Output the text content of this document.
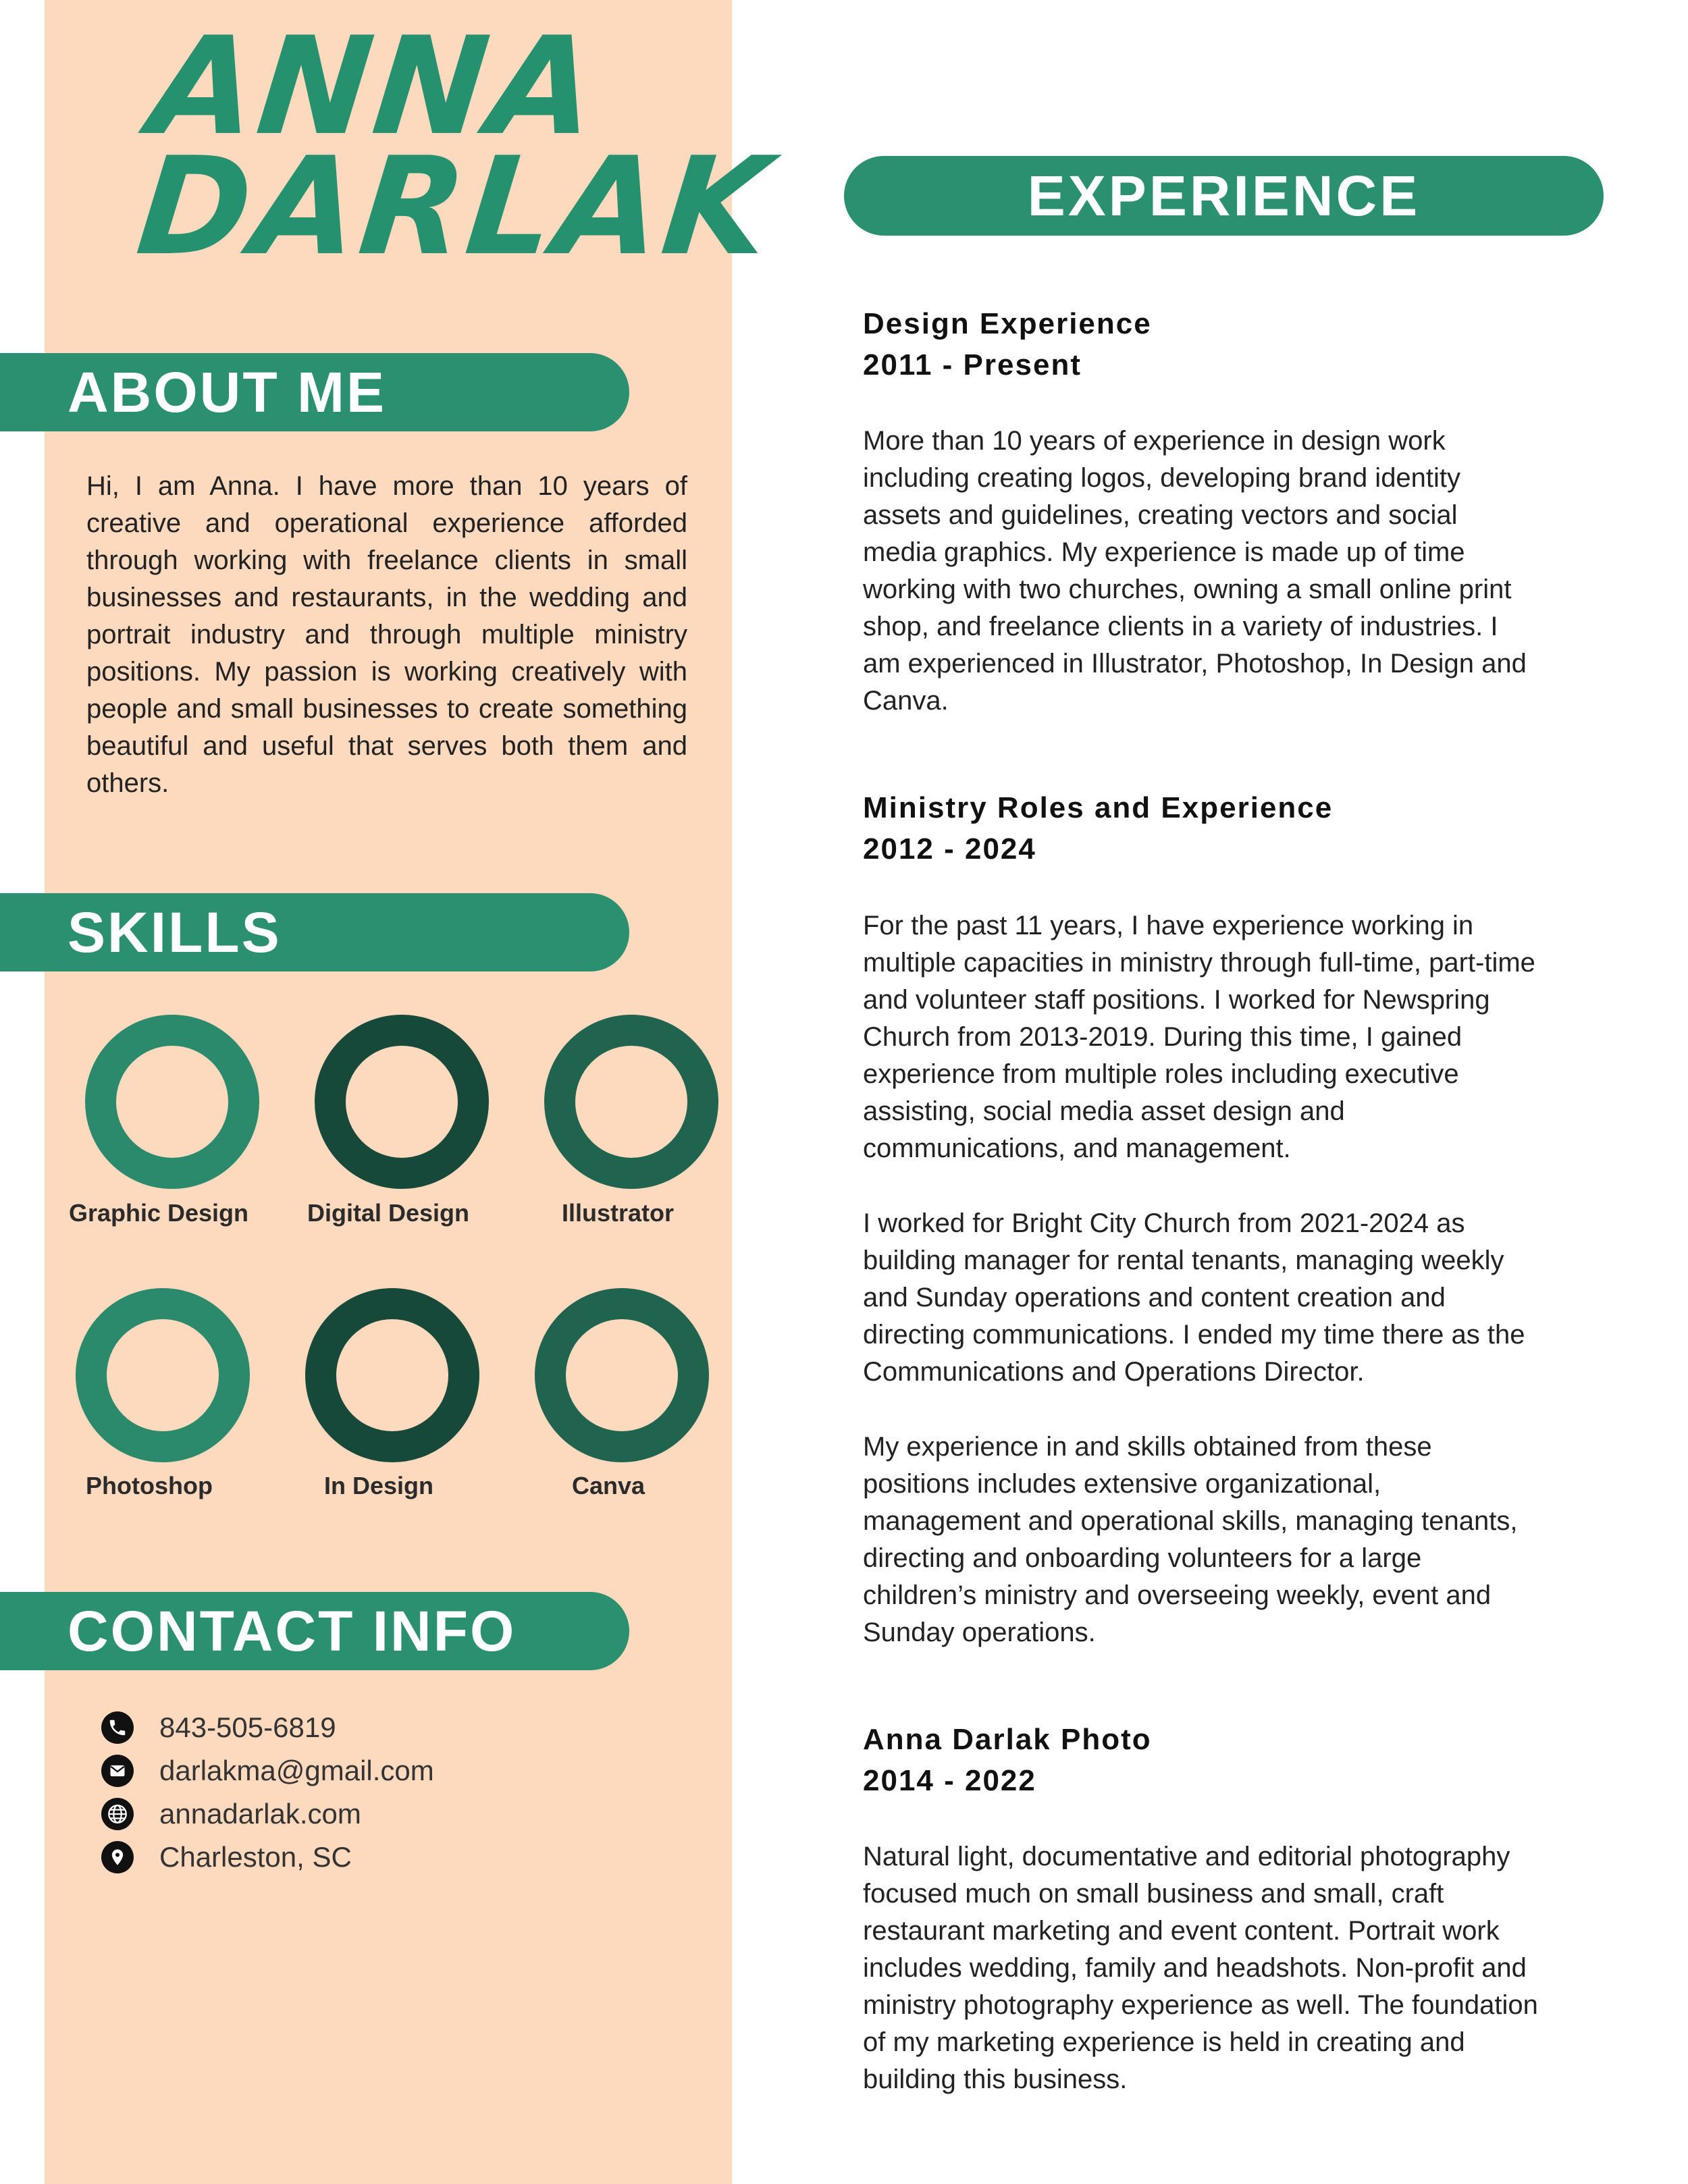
ANNA
DARLAK
ABOUT ME
Hi, I am Anna. I have more than 10 years of creative and operational experience afforded through working with freelance clients in small businesses and restaurants, in the wedding and portrait industry and through multiple ministry positions. My passion is working creatively with people and small businesses to create something beautiful and useful that serves both them and others.
SKILLS
Graphic Design	Digital Design	Illustrator
Photoshop	In Design	Canva
CONTACT INFO
843-505-6819
darlakma@gmail.com
annadarlak.com
Charleston, SC
EXPERIENCE
Design Experience
2011 - Present
More than 10 years of experience in design work including creating logos, developing brand identity assets and guidelines, creating vectors and social media graphics. My experience is made up of time working with two churches, owning a small online print shop, and freelance clients in a variety of industries. I am experienced in Illustrator, Photoshop, In Design and Canva.
Ministry Roles and Experience
2012 - 2024
For the past 11 years, I have experience working in multiple capacities in ministry through full-time, part-time and volunteer staff positions. I worked for Newspring Church from 2013-2019. During this time, I gained experience from multiple roles including executive assisting, social media asset design and communications, and management.
I worked for Bright City Church from 2021-2024 as building manager for rental tenants, managing weekly and Sunday operations and content creation and directing communications. I ended my time there as the Communications and Operations Director.
My experience in and skills obtained from these positions includes extensive organizational, management and operational skills, managing tenants, directing and onboarding volunteers for a large children’s ministry and overseeing weekly, event and Sunday operations.
Anna Darlak Photo
2014 - 2022
Natural light, documentative and editorial photography focused much on small business and small, craft restaurant marketing and event content. Portrait work includes wedding, family and headshots. Non-profit and ministry photography experience as well. The foundation of my marketing experience is held in creating and building this business.
